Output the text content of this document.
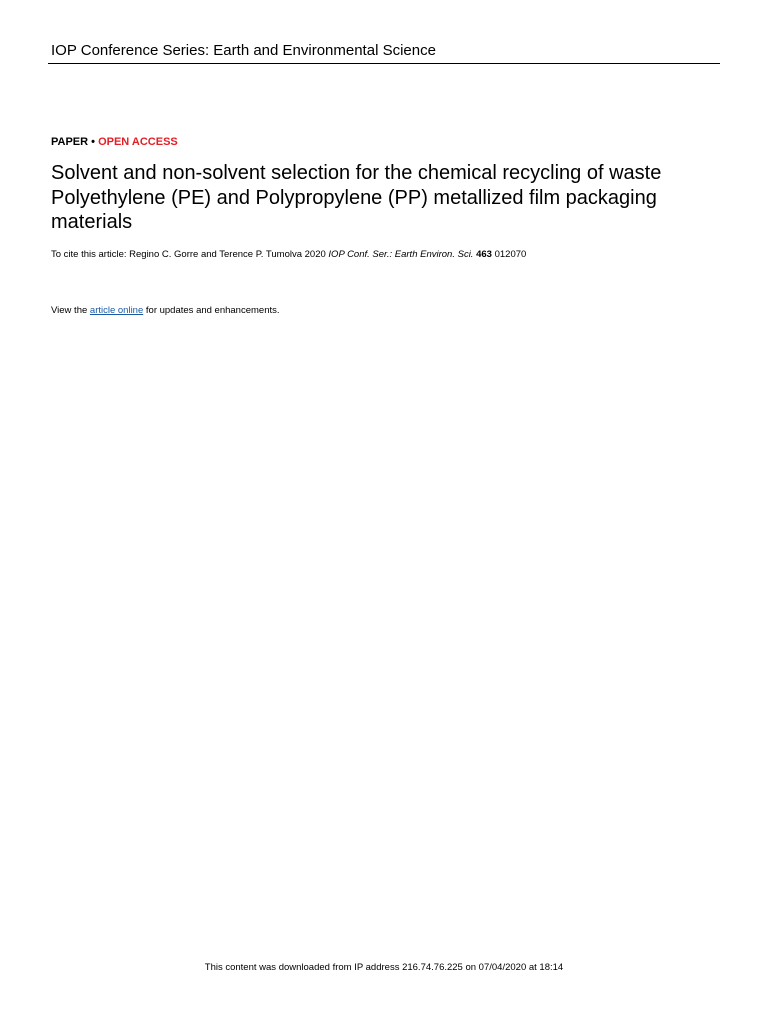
IOP Conference Series: Earth and Environmental Science
PAPER • OPEN ACCESS
Solvent and non-solvent selection for the chemical recycling of waste Polyethylene (PE) and Polypropylene (PP) metallized film packaging materials
To cite this article: Regino C. Gorre and Terence P. Tumolva 2020 IOP Conf. Ser.: Earth Environ. Sci. 463 012070
View the article online for updates and enhancements.
This content was downloaded from IP address 216.74.76.225 on 07/04/2020 at 18:14
